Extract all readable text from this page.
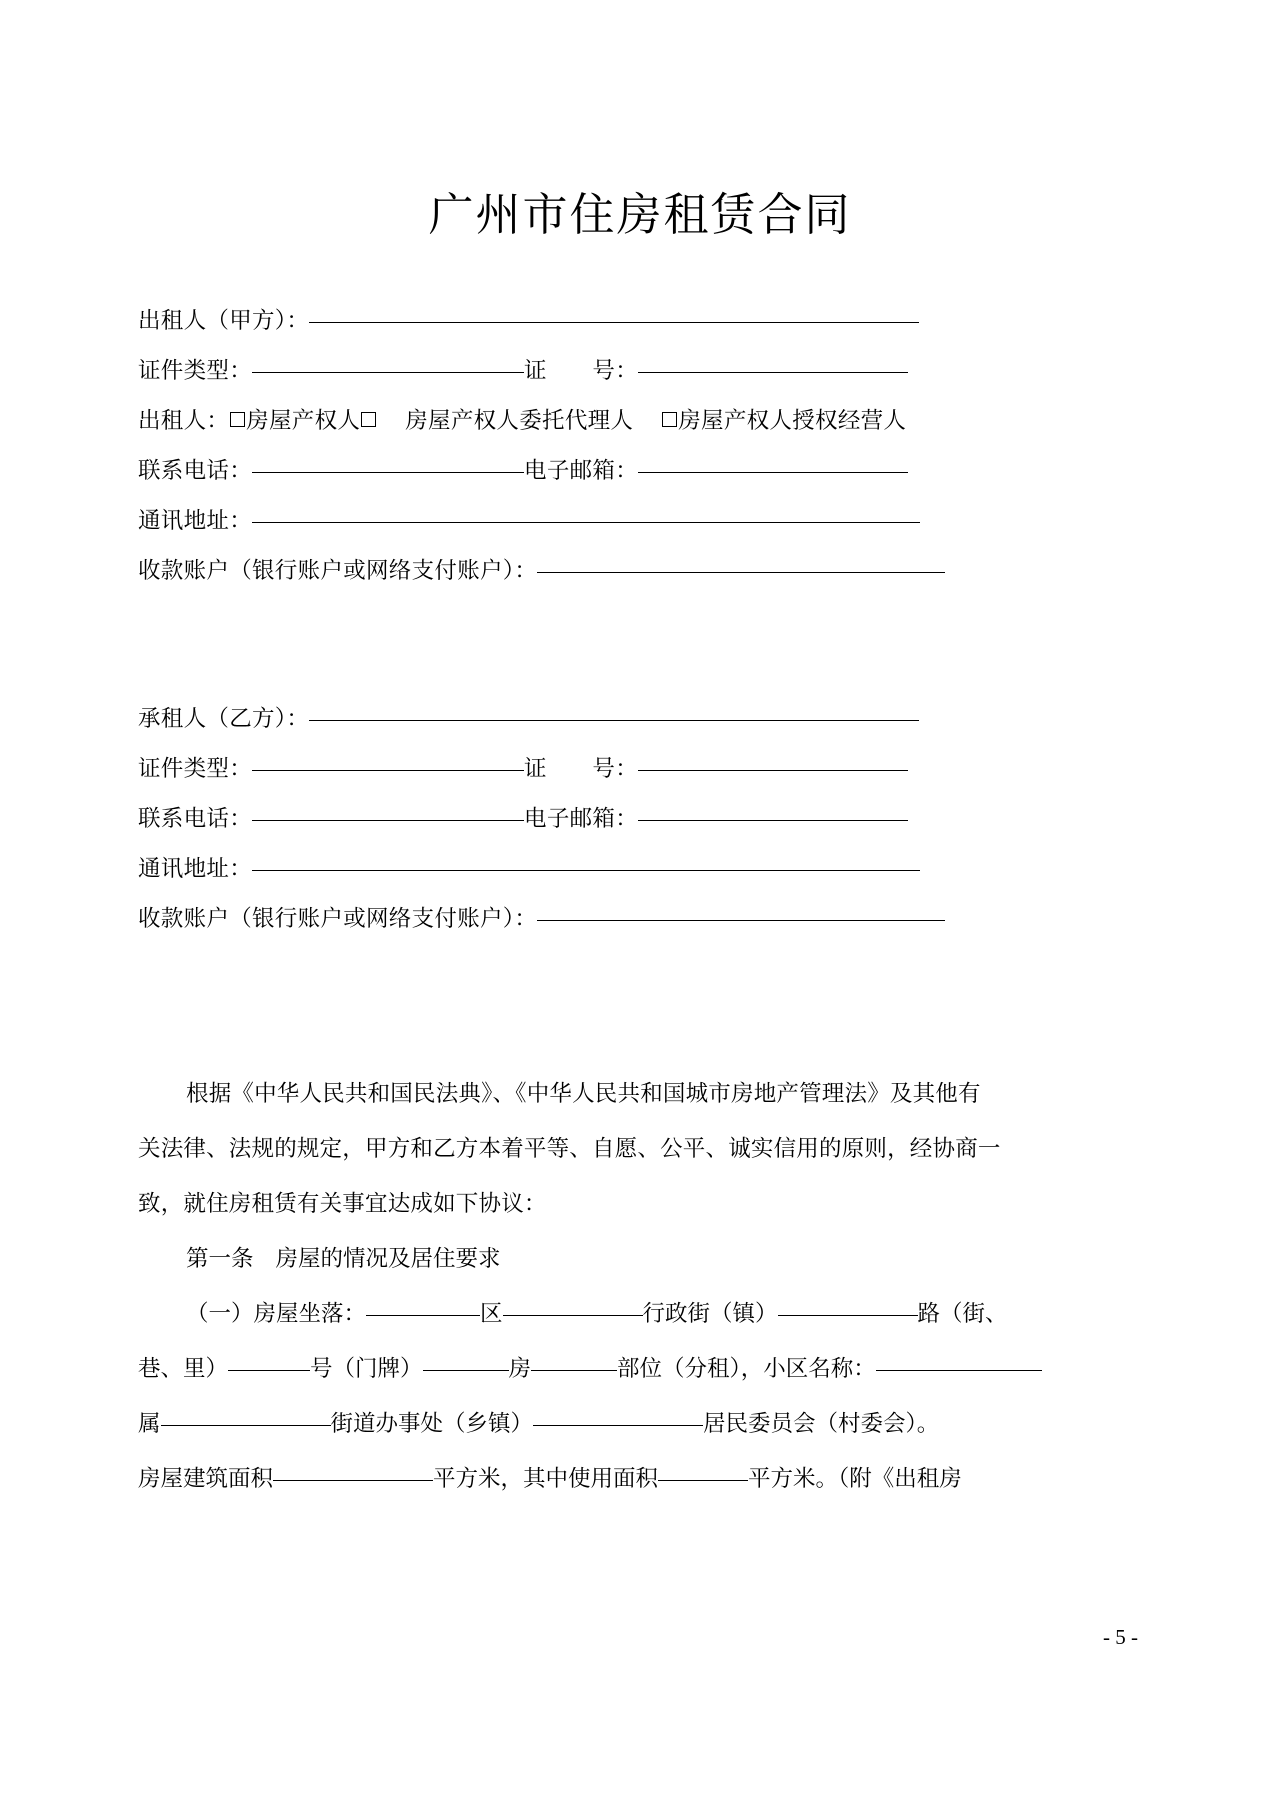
广州市住房租赁合同
出租人（甲方）：
证件类型：	证　　号：
出租人： 房屋产权人 房屋产权人委托代理人 房屋产权人授权经营人
联系电话：	电子邮箱：
通讯地址：
收款账户（银行账户或网络支付账户）：
承租人（乙方）：
证件类型：	证　　号：
联系电话：	电子邮箱：
通讯地址：
收款账户（银行账户或网络支付账户）：
根据《中华人民共和国民法典》、《中华人民共和国城市房地产管理法》及其他有
关法律、法规的规定，甲方和乙方本着平等、自愿、公平、诚实信用的原则，经协商一
致，就住房租赁有关事宜达成如下协议：
第一条 房屋的情况及居住要求
（一）房屋坐落：	区	行政街（镇）	路（街、
巷、里）	号（门牌）	房	部位（分租），小区名称：
属	街道办事处（乡镇）	居民委员会（村委会）。
房屋建筑面积	平方米，其中使用面积	平方米。（附《出租房
- 5 -
